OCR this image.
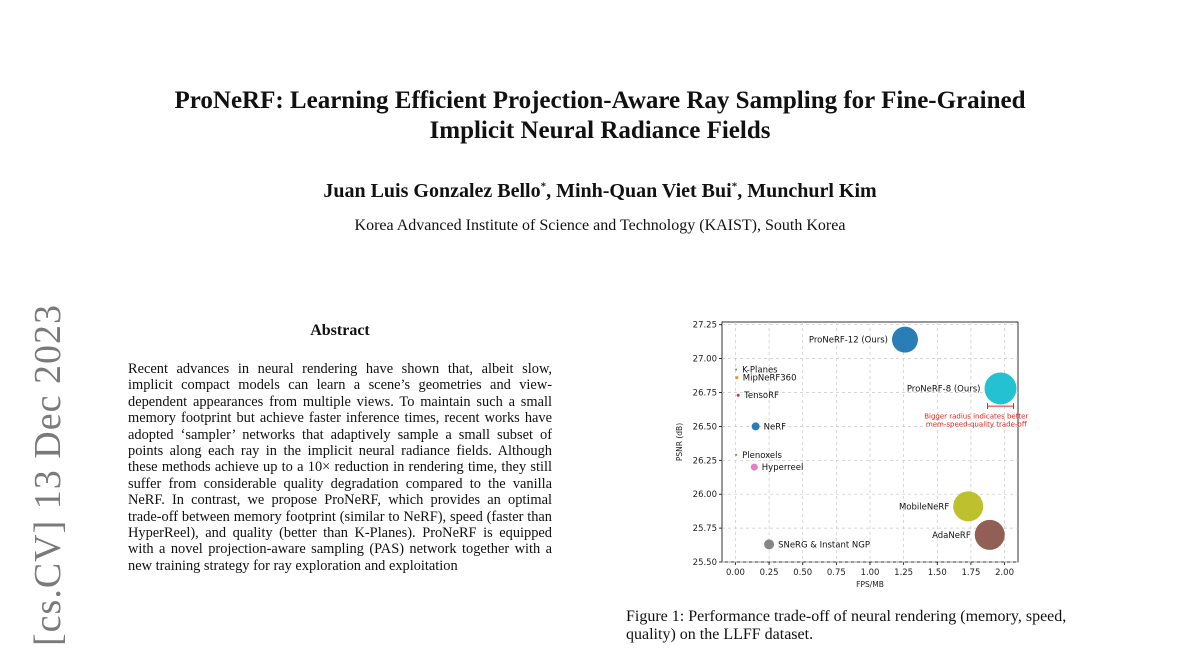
[cs.CV] 13 Dec 2023
ProNeRF: Learning Efficient Projection-Aware Ray Sampling for Fine-Grained
Implicit Neural Radiance Fields
Juan Luis Gonzalez Bello*, Minh-Quan Viet Bui*, Munchurl Kim
Korea Advanced Institute of Science and Technology (KAIST), South Korea
Abstract
Recent advances in neural rendering have shown that, albeit slow, implicit compact models can learn a scene’s geometries and view-dependent appearances from multiple views. To maintain such a small memory footprint but achieve faster inference times, recent works have adopted ‘sampler’ networks that adaptively sample a small subset of points along each ray in the implicit neural radiance fields. Although these methods achieve up to a 10× reduction in rendering time, they still suffer from considerable quality degradation compared to the vanilla NeRF. In contrast, we propose ProNeRF, which provides an optimal trade-off between memory footprint (similar to NeRF), speed (faster than HyperReel), and quality (better than K-Planes). ProNeRF is equipped with a novel projection-aware sampling (PAS) network together with a new training strategy for ray exploration and exploitation	0.00 0.25 0.50 0.75 1.00 1.25 1.50 1.75 2.00
25.50
25.75
26.00
26.25
26.50
26.75
27.00
27.25
FPS/MB
PSNR (dB)
ProNeRF-12 (Ours)
ProNeRF-8 (Ours)
K-Planes
MipNeRF360
TensoRF
NeRF
Plenoxels
Hyperreel
MobileNeRF
AdaNeRF
SNeRG & Instant NGP
Bigger radius indicates better
mem-speed-quality trade-off
Figure 1: Performance trade-off of neural rendering (memory, speed, quality) on the LLFF dataset.
